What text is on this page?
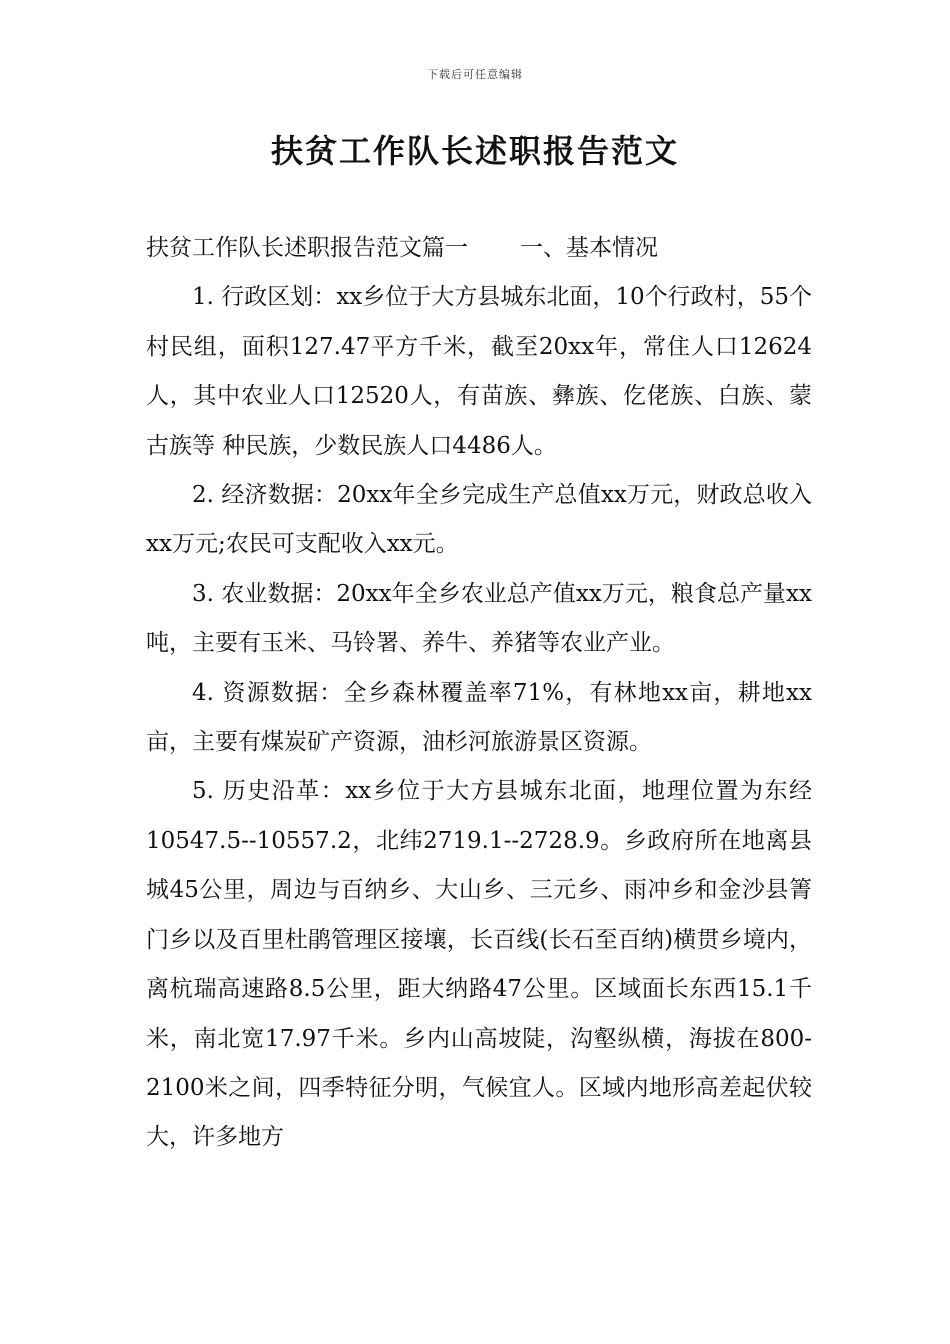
下载后可任意编辑
扶贫工作队长述职报告范文

扶贫工作队长述职报告范文篇一 一、基本情况

1. 行政区划：xx乡位于大方县城东北面，10个行政村，55个村民组，面积127.47平方千米，截至20xx年，常住人口12624人，其中农业人口12520人，有苗族、彝族、仡佬族、白族、蒙古族等 种民族，少数民族人口4486人。

2. 经济数据：20xx年全乡完成生产总值xx万元，财政总收入xx万元;农民可支配收入xx元。

3. 农业数据：20xx年全乡农业总产值xx万元，粮食总产量xx吨，主要有玉米、马铃署、养牛、养猪等农业产业。

4. 资源数据：全乡森林覆盖率71%，有林地xx亩，耕地xx亩，主要有煤炭矿产资源，油杉河旅游景区资源。

5. 历史沿革：xx乡位于大方县城东北面，地理位置为东经10547.5--10557.2，北纬2719.1--2728.9。乡政府所在地离县城45公里，周边与百纳乡、大山乡、三元乡、雨冲乡和金沙县箐门乡以及百里杜鹃管理区接壤，长百线(长石至百纳)横贯乡境内，离杭瑞高速路8.5公里，距大纳路47公里。区域面长东西15.1千米，南北宽17.97千米。乡内山高坡陡，沟壑纵横，海拔在800-2100米之间，四季特征分明，气候宜人。区域内地形高差起伏较大，许多地方
